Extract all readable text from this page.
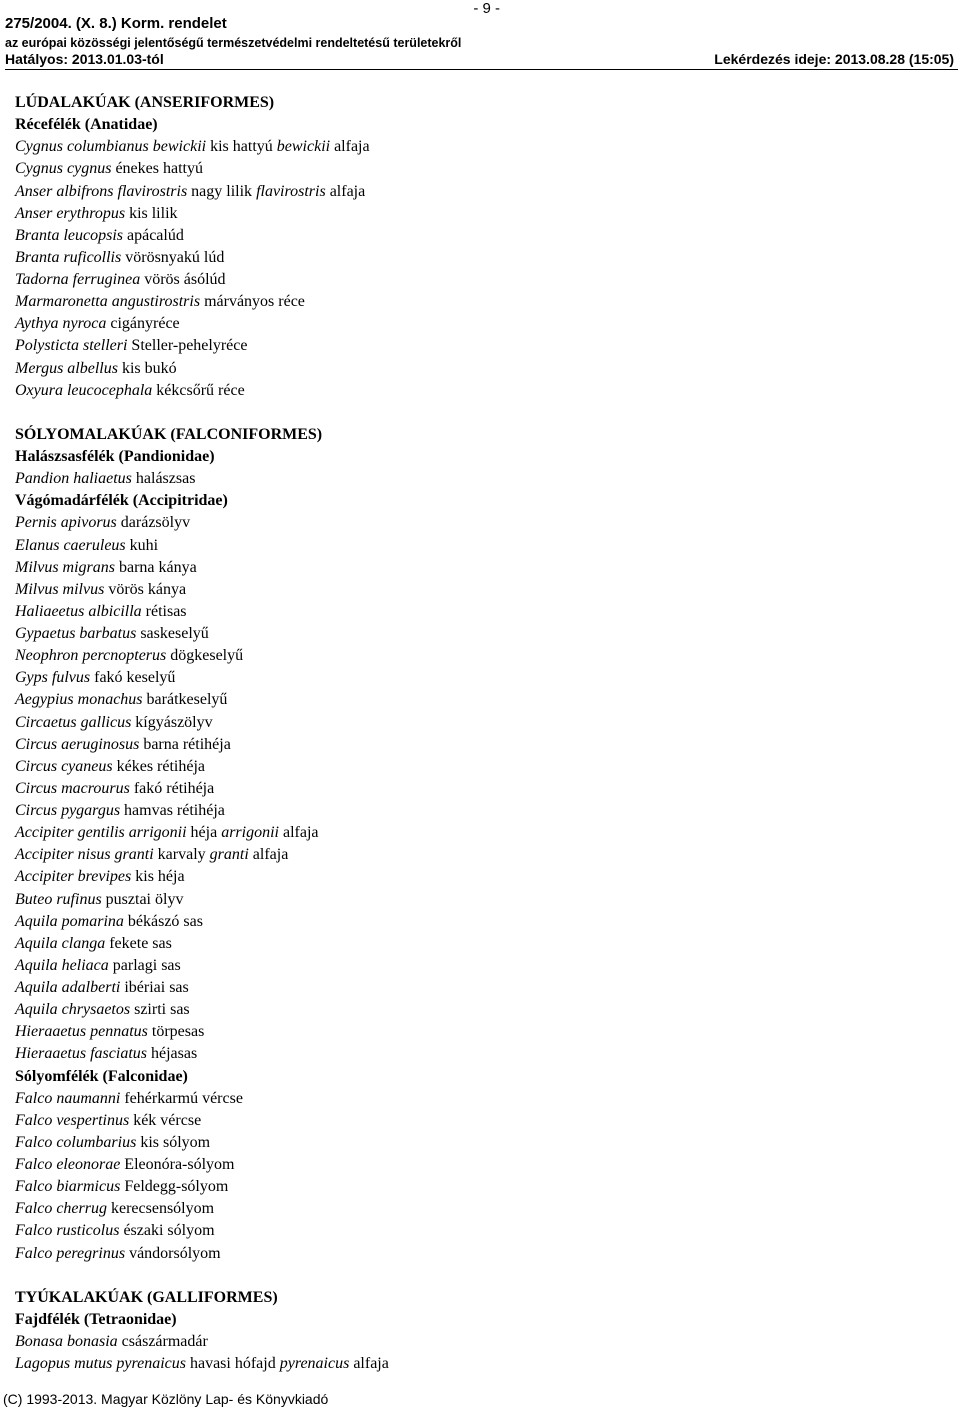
- 9 -
275/2004. (X. 8.) Korm. rendelet
az európai közösségi jelentőségű természetvédelmi rendeltetésű területekről
Hatályos: 2013.01.03-tól	Lekérdezés ideje: 2013.08.28 (15:05)
LÚDALAKÚAK (ANSERIFORMES)
Récefélék (Anatidae)
Cygnus columbianus bewickii kis hattyú bewickii alfaja
Cygnus cygnus énekes hattyú
Anser albifrons flavirostris nagy lilik flavirostris alfaja
Anser erythropus kis lilik
Branta leucopsis apácalúd
Branta ruficollis vörösnyakú lúd
Tadorna ferruginea vörös ásólúd
Marmaronetta angustirostris márványos réce
Aythya nyroca cigányréce
Polysticta stelleri Steller-pehelyréce
Mergus albellus kis bukó
Oxyura leucocephala kékcsőrű réce
SÓLYOMALAKÚAK (FALCONIFORMES)
Halászsasfélék (Pandionidae)
Pandion haliaetus halászsas
Vágómadárfélék (Accipitridae)
Pernis apivorus darázsölyv
Elanus caeruleus kuhi
Milvus migrans barna kánya
Milvus milvus vörös kánya
Haliaeetus albicilla rétisas
Gypaetus barbatus saskeselyű
Neophron percnopterus dögkeselyű
Gyps fulvus fakó keselyű
Aegypius monachus barátkeselyű
Circaetus gallicus kígyászölyv
Circus aeruginosus barna rétihéja
Circus cyaneus kékes rétihéja
Circus macrourus fakó rétihéja
Circus pygargus hamvas rétihéja
Accipiter gentilis arrigonii héja arrigonii alfaja
Accipiter nisus granti karvaly granti alfaja
Accipiter brevipes kis héja
Buteo rufinus pusztai ölyv
Aquila pomarina békászó sas
Aquila clanga fekete sas
Aquila heliaca parlagi sas
Aquila adalberti ibériai sas
Aquila chrysaetos szirti sas
Hieraaetus pennatus törpesas
Hieraaetus fasciatus héjasas
Sólyomfélék (Falconidae)
Falco naumanni fehérkarmú vércse
Falco vespertinus kék vércse
Falco columbarius kis sólyom
Falco eleonorae Eleonóra-sólyom
Falco biarmicus Feldegg-sólyom
Falco cherrug kerecsensólyom
Falco rusticolus északi sólyom
Falco peregrinus vándorsólyom
TYÚKALAKÚAK (GALLIFORMES)
Fajdfélék (Tetraonidae)
Bonasa bonasia császármadár
Lagopus mutus pyrenaicus havasi hófajd pyrenaicus alfaja
(C) 1993-2013. Magyar Közlöny Lap- és Könyvkiadó
